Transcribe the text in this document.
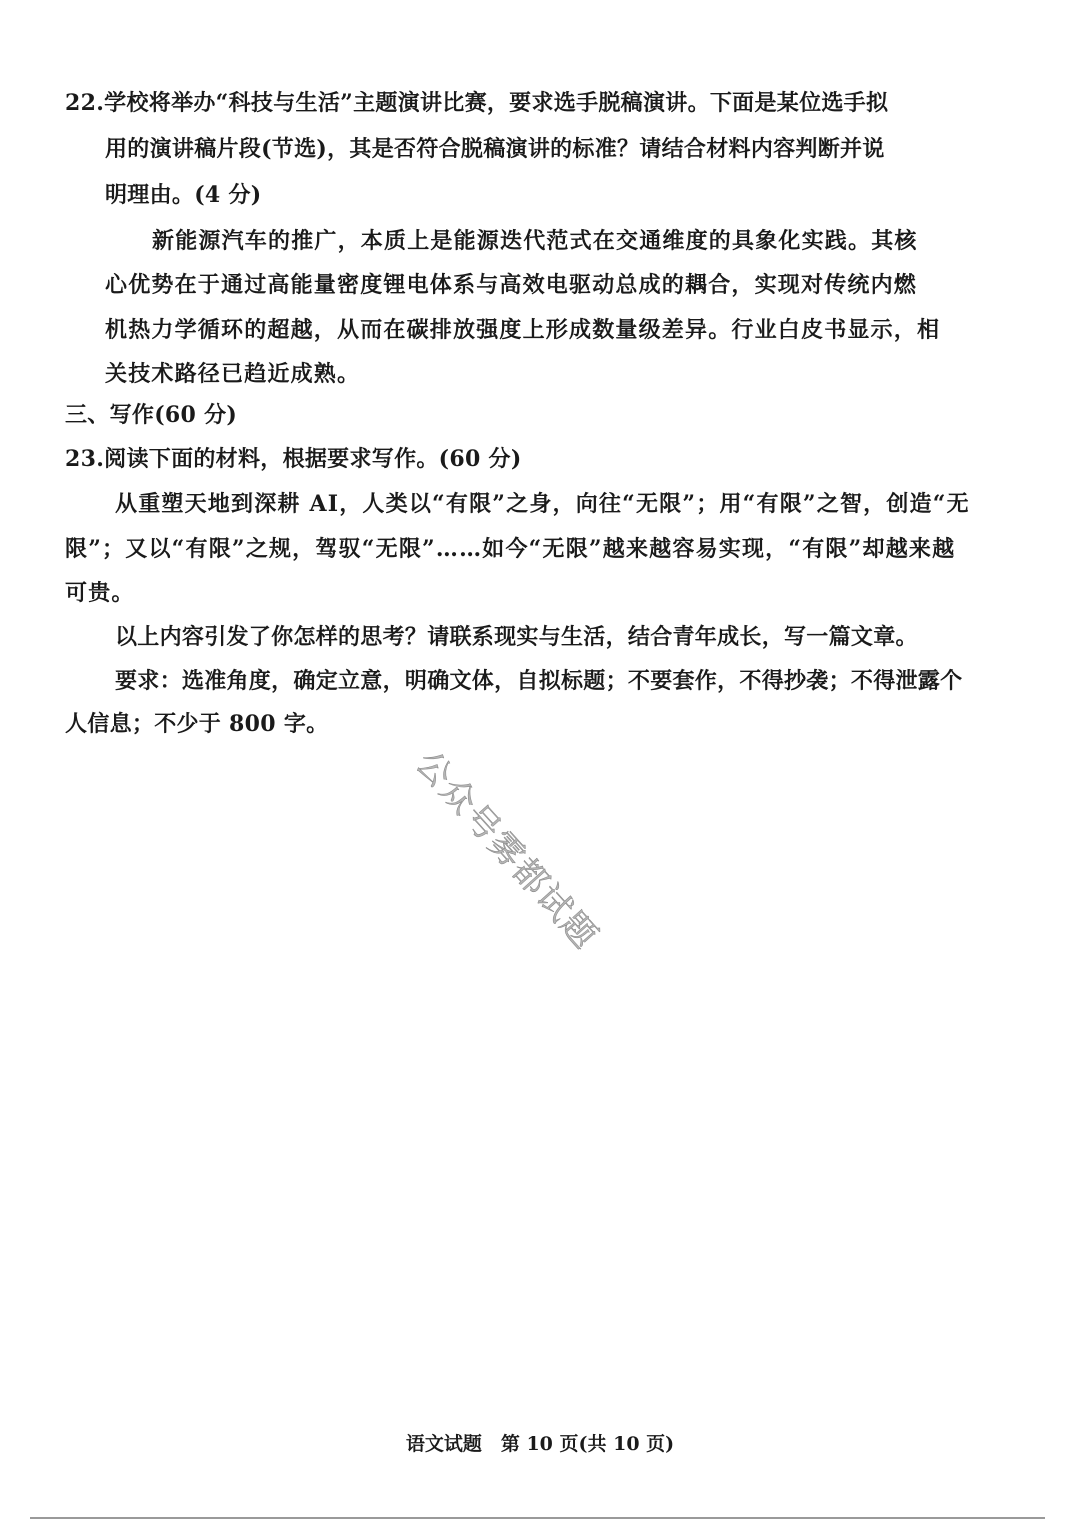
22.学校将举办“科技与生活”主题演讲比赛，要求选手脱稿演讲。下面是某位选手拟
用的演讲稿片段(节选)，其是否符合脱稿演讲的标准？请结合材料内容判断并说
明理由。(4 分)
新能源汽车的推广，本质上是能源迭代范式在交通维度的具象化实践。其核
心优势在于通过高能量密度锂电体系与高效电驱动总成的耦合，实现对传统内燃
机热力学循环的超越，从而在碳排放强度上形成数量级差异。行业白皮书显示，相
关技术路径已趋近成熟。
三、写作(60 分)
23.阅读下面的材料，根据要求写作。(60 分)
从重塑天地到深耕 AI，人类以“有限”之身，向往“无限”；用“有限”之智，创造“无
限”；又以“有限”之规，驾驭“无限”……如今“无限”越来越容易实现，“有限”却越来越
可贵。
以上内容引发了你怎样的思考？请联系现实与生活，结合青年成长，写一篇文章。
要求：选准角度，确定立意，明确文体，自拟标题；不要套作，不得抄袭；不得泄露个
人信息；不少于 800 字。
公众号雾都试题
语文试题　第 10 页(共 10 页)
